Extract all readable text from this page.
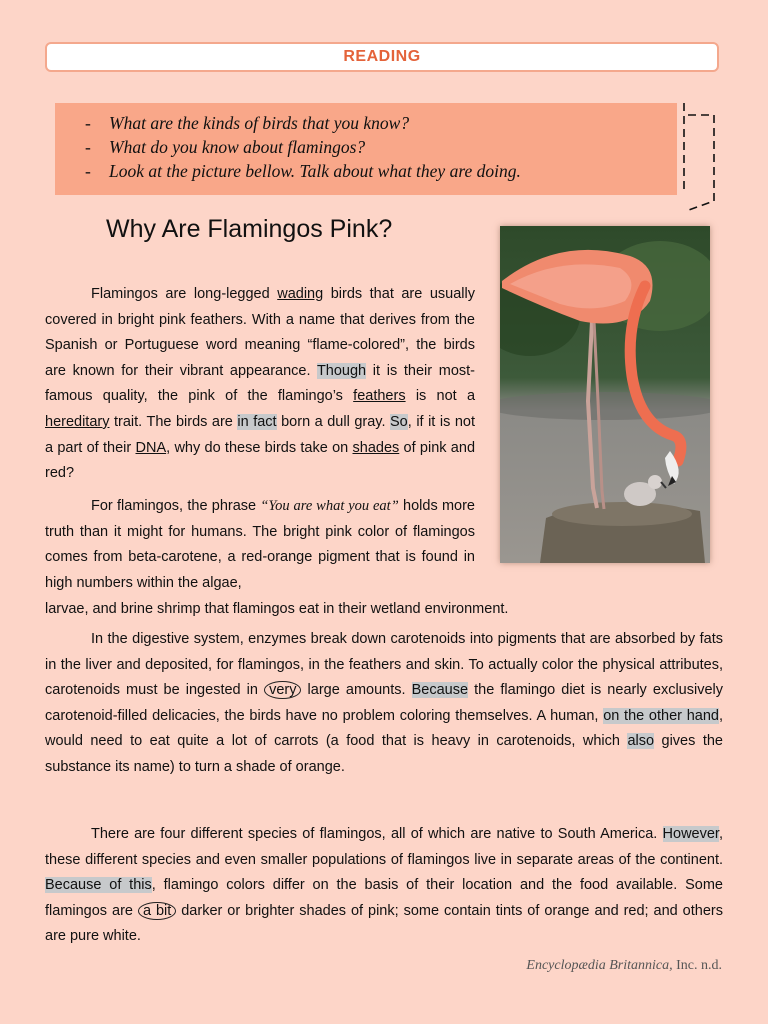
READING
- What are the kinds of birds that you know?
- What do you know about flamingos?
- Look at the picture bellow. Talk about what they are doing.
Why Are Flamingos Pink?

Flamingos are long-legged wading birds that are usually covered in bright pink feathers. With a name that derives from the Spanish or Portuguese word meaning “flame-colored”, the birds are known for their vibrant appearance. Though it is their most-famous quality, the pink of the flamingo’s feathers is not a hereditary trait. The birds are in fact born a dull gray. So, if it is not a part of their DNA, why do these birds take on shades of pink and red?

For flamingos, the phrase “You are what you eat” holds more truth than it might for humans. The bright pink color of flamingos comes from beta-carotene, a red-orange pigment that is found in high numbers within the algae,

larvae, and brine shrimp that flamingos eat in their wetland environment.

In the digestive system, enzymes break down carotenoids into pigments that are absorbed by fats in the liver and deposited, for flamingos, in the feathers and skin. To actually color the physical attributes, carotenoids must be ingested in very large amounts. Because the flamingo diet is nearly exclusively carotenoid-filled delicacies, the birds have no problem coloring themselves. A human, on the other hand, would need to eat quite a lot of carrots (a food that is heavy in carotenoids, which also gives the substance its name) to turn a shade of orange.

There are four different species of flamingos, all of which are native to South America. However, these different species and even smaller populations of flamingos live in separate areas of the continent. Because of this, flamingo colors differ on the basis of their location and the food available. Some flamingos are a bit darker or brighter shades of pink; some contain tints of orange and red; and others are pure white.

Encyclopædia Britannica, Inc. n.d.
